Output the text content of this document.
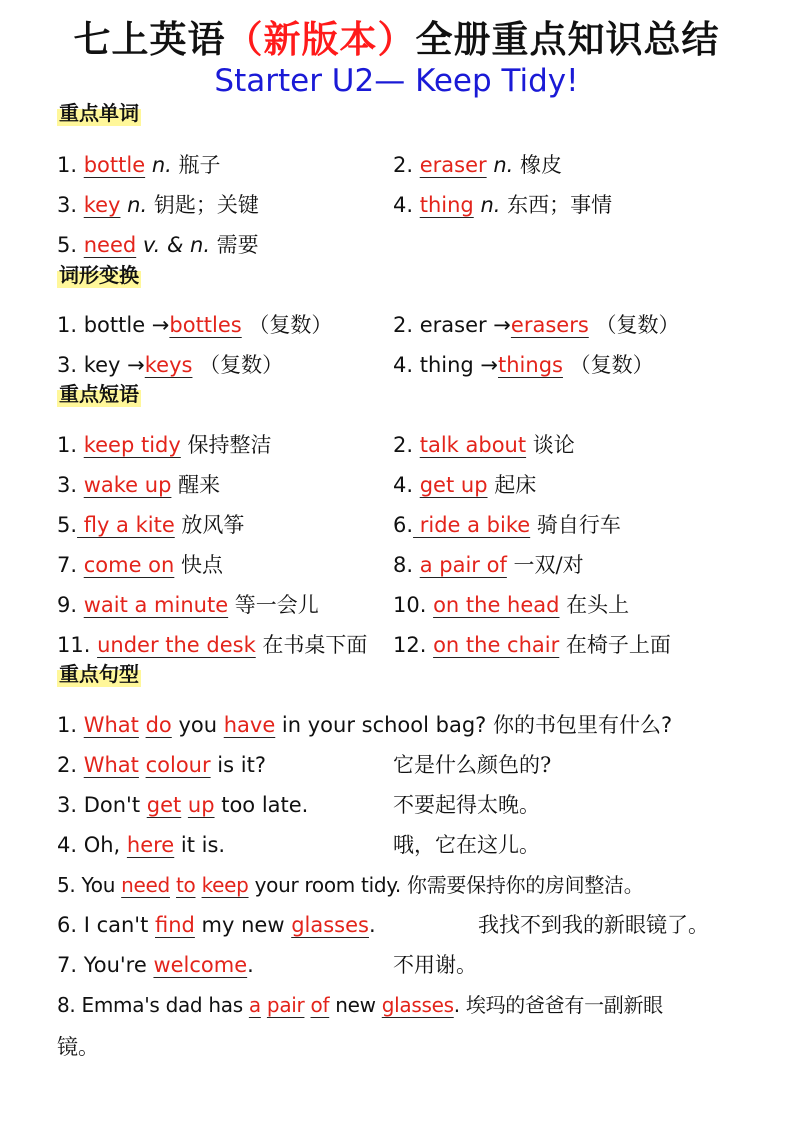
七上英语（新版本）全册重点知识总结
Starter U2— Keep Tidy!
重点单词
1. bottle n. 瓶子	2. eraser n. 橡皮
3. key n. 钥匙；关键	4. thing n. 东西；事情
5. need v. & n. 需要
词形变换
1. bottle →bottles （复数）	2. eraser →erasers （复数）
3. key →keys （复数）	4. thing →things （复数）
重点短语
1. keep tidy 保持整洁	2. talk about 谈论
3. wake up 醒来	4. get up 起床
5. fly a kite 放风筝	6. ride a bike 骑自行车
7. come on 快点	8. a pair of 一双/对
9. wait a minute 等一会儿	10. on the head 在头上
11. under the desk 在书桌下面 12. on the chair 在椅子上面
重点句型
1. What do you have in your school bag? 你的书包里有什么?
2. What colour is it?	它是什么颜色的?
3. Don't get up too late.	不要起得太晚。
4. Oh, here it is.	哦，它在这儿。
5. You need to keep your room tidy. 你需要保持你的房间整洁。
6. I can't find my new glasses.	我找不到我的新眼镜了。
7. You're welcome.	不用谢。
8. Emma's dad has a pair of new glasses. 埃玛的爸爸有一副新眼
镜。
